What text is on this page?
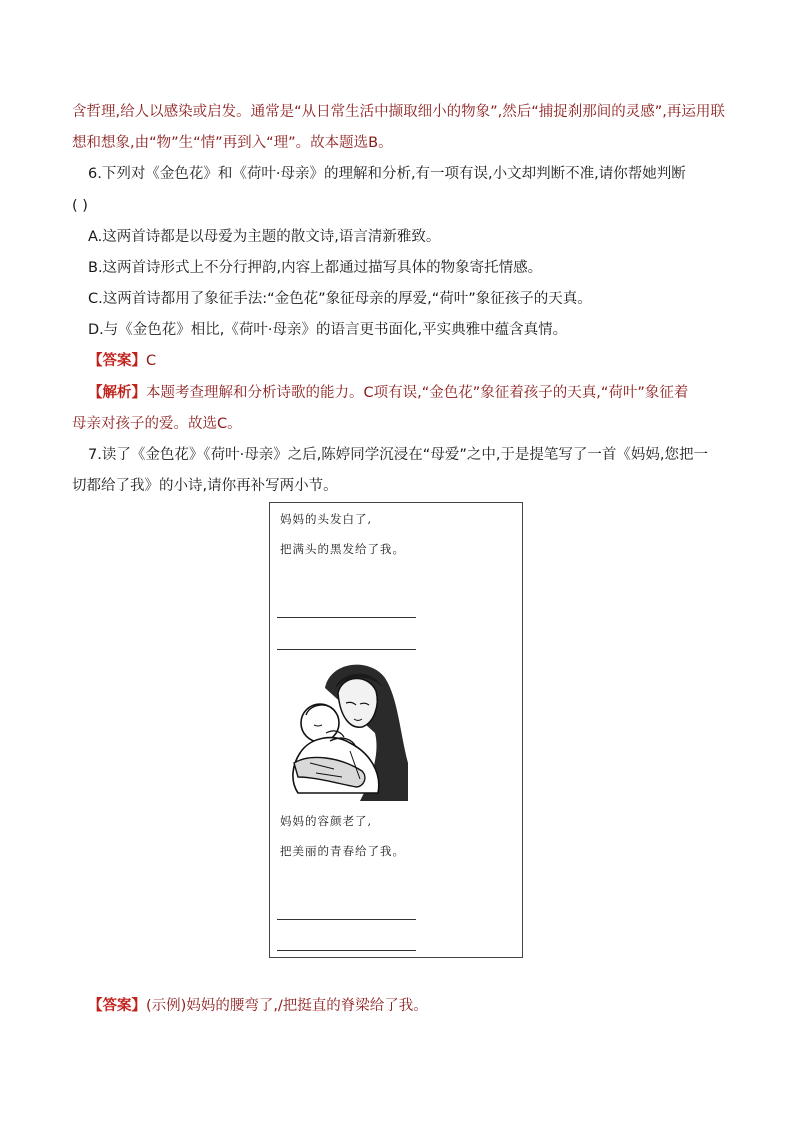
含哲理,给人以感染或启发。通常是“从日常生活中撷取细小的物象”,然后“捕捉刹那间的灵感”,再运用联
想和想象,由“物”生“情”再到入“理”。故本题选B。
6.下列对《金色花》和《荷叶·母亲》的理解和分析,有一项有误,小文却判断不准,请你帮她判断
( )
A.这两首诗都是以母爱为主题的散文诗,语言清新雅致。
B.这两首诗形式上不分行押韵,内容上都通过描写具体的物象寄托情感。
C.这两首诗都用了象征手法:“金色花”象征母亲的厚爱,“荷叶”象征孩子的天真。
D.与《金色花》相比,《荷叶·母亲》的语言更书面化,平实典雅中蕴含真情。
【答案】C
【解析】本题考查理解和分析诗歌的能力。C项有误,“金色花”象征着孩子的天真,“荷叶”象征着
母亲对孩子的爱。故选C。
7.读了《金色花》《荷叶·母亲》之后,陈婷同学沉浸在“母爱”之中,于是提笔写了一首《妈妈,您把一
切都给了我》的小诗,请你再补写两小节。
妈妈的头发白了,
把满头的黑发给了我。
妈妈的容颜老了,
把美丽的青春给了我。
【答案】(示例)妈妈的腰弯了,/把挺直的脊梁给了我。
